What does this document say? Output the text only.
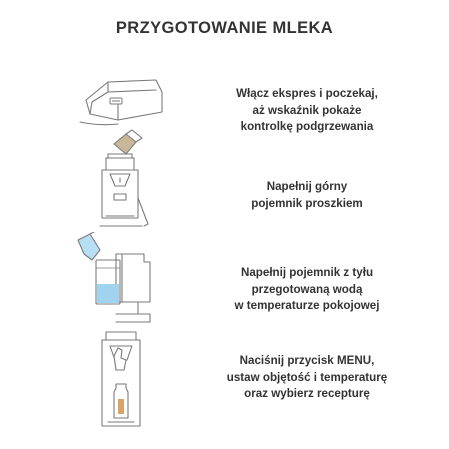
PRZYGOTOWANIE MLEKA
Włącz ekspres i poczekaj,
aż wskaźnik pokaże
kontrolkę podgrzewania
Napełnij górny
pojemnik proszkiem
Napełnij pojemnik z tyłu
przegotowaną wodą
w temperaturze pokojowej
Naciśnij przycisk MENU,
ustaw objętość i temperaturę
oraz wybierz recepturę
